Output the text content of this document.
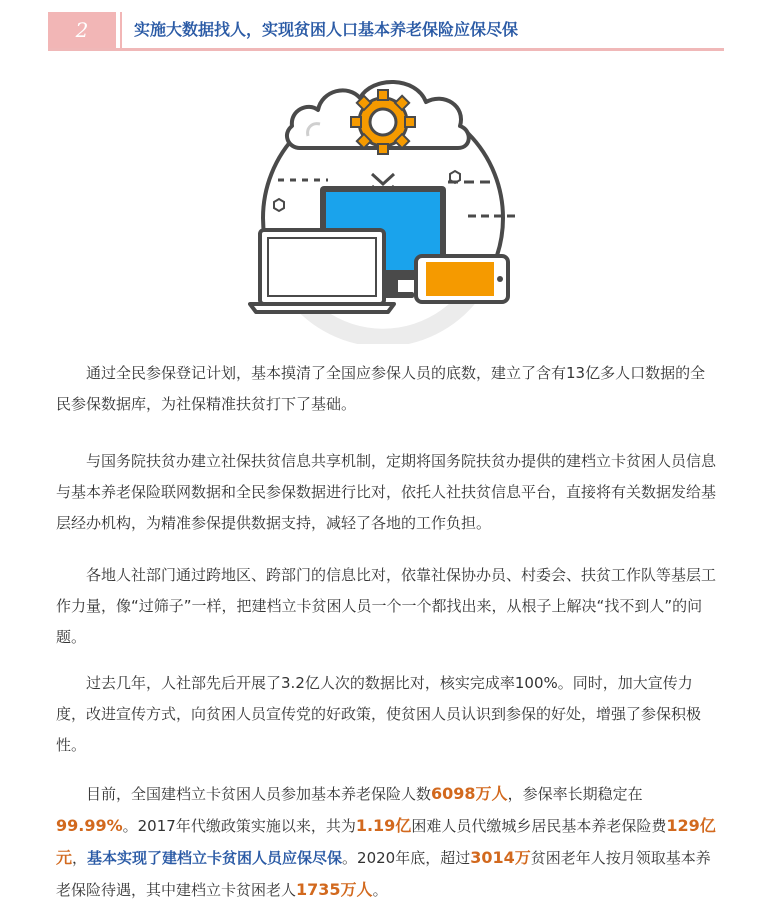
2	实施大数据找人，实现贫困人口基本养老保险应保尽保

通过全民参保登记计划，基本摸清了全国应参保人员的底数，建立了含有13亿多人口数据的全民参保数据库，为社保精准扶贫打下了基础。

与国务院扶贫办建立社保扶贫信息共享机制，定期将国务院扶贫办提供的建档立卡贫困人员信息与基本养老保险联网数据和全民参保数据进行比对，依托人社扶贫信息平台，直接将有关数据发给基层经办机构，为精准参保提供数据支持，减轻了各地的工作负担。

各地人社部门通过跨地区、跨部门的信息比对，依靠社保协办员、村委会、扶贫工作队等基层工作力量，像“过筛子”一样，把建档立卡贫困人员一个一个都找出来，从根子上解决“找不到人”的问题。

过去几年，人社部先后开展了3.2亿人次的数据比对，核实完成率100%。同时，加大宣传力度，改进宣传方式，向贫困人员宣传党的好政策，使贫困人员认识到参保的好处，增强了参保积极性。

目前，全国建档立卡贫困人员参加基本养老保险人数6098万人，参保率长期稳定在99.99%。2017年代缴政策实施以来，共为1.19亿困难人员代缴城乡居民基本养老保险费129亿元，基本实现了建档立卡贫困人员应保尽保。2020年底，超过3014万贫困老年人按月领取基本养老保险待遇，其中建档立卡贫困老人1735万人。
